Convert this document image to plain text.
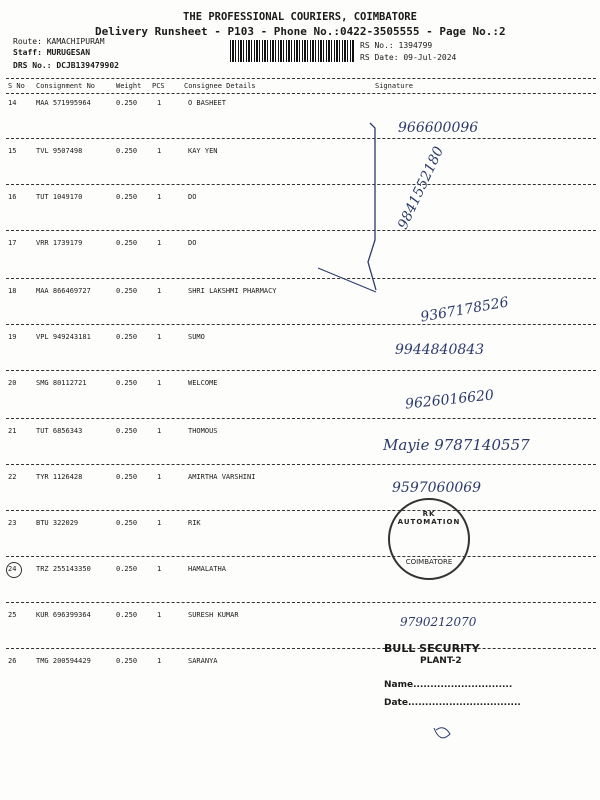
THE PROFESSIONAL COURIERS, COIMBATORE
Delivery Runsheet - P103 - Phone No.:0422-3505555 - Page No.:2
Route: KAMACHIPURAM
Staff: MURUGESAN
DRS No.: DCJB139479902
RS No.: 1394799
RS Date: 09-Jul-2024
S No Consignment No	Weight PCS	Consignee Details	Signature
14	MAA 571995964	0.250	1	O BASHEET
15	TVL 9507498	0.250	1	KAY YEN
16	TUT 1049170	0.250	1	DO
17	VRR 1739179	0.250	1	DO
18	MAA 866469727	0.250	1	SHRI LAKSHMI PHARMACY
19	VPL 949243181	0.250	1	SUMO
20	SMG 80112721	0.250	1	WELCOME
21	TUT 6856343	0.250	1	THOMOUS
22	TYR 1126428	0.250	1	AMIRTHA VARSHINI
23	BTU 322029	0.250	1	RIK
24	TRZ 255143350	0.250	1	HAMALATHA
25	KUR 696399364	0.250	1	SURESH KUMAR
26	TMG 200594429	0.250	1	SARANYA
966600096
9841552180
9367178526
9944840843
9626016620
Mayie 9787140557
9597060069
9790212070
RK AUTOMATION
COIMBATORE
BULL SECURITY
PLANT-2
Name.............................
Date.................................
